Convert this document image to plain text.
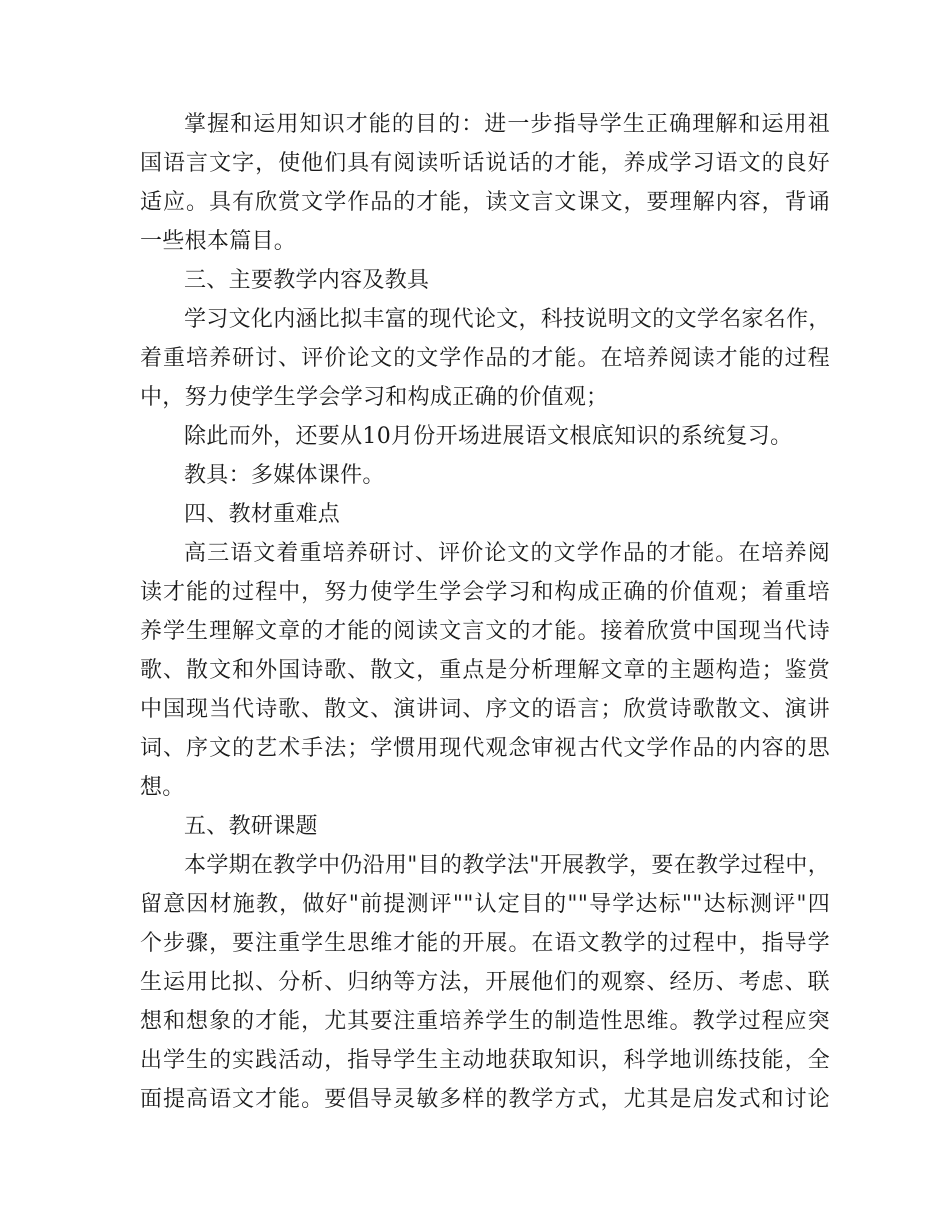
掌握和运用知识才能的目的：进一步指导学生正确理解和运用祖
国语言文字，使他们具有阅读听话说话的才能，养成学习语文的良好
适应。具有欣赏文学作品的才能，读文言文课文，要理解内容，背诵
一些根本篇目。
三、主要教学内容及教具
学习文化内涵比拟丰富的现代论文，科技说明文的文学名家名作，
着重培养研讨、评价论文的文学作品的才能。在培养阅读才能的过程
中，努力使学生学会学习和构成正确的价值观；
除此而外，还要从10月份开场进展语文根底知识的系统复习。
教具：多媒体课件。
四、教材重难点
高三语文着重培养研讨、评价论文的文学作品的才能。在培养阅
读才能的过程中，努力使学生学会学习和构成正确的价值观；着重培
养学生理解文章的才能的阅读文言文的才能。接着欣赏中国现当代诗
歌、散文和外国诗歌、散文，重点是分析理解文章的主题构造；鉴赏
中国现当代诗歌、散文、演讲词、序文的语言；欣赏诗歌散文、演讲
词、序文的艺术手法；学惯用现代观念审视古代文学作品的内容的思
想。
五、教研课题
本学期在教学中仍沿用"目的教学法"开展教学，要在教学过程中，
留意因材施教，做好"前提测评""认定目的""导学达标""达标测评"四
个步骤，要注重学生思维才能的开展。在语文教学的过程中，指导学
生运用比拟、分析、归纳等方法，开展他们的观察、经历、考虑、联
想和想象的才能，尤其要注重培养学生的制造性思维。教学过程应突
出学生的实践活动，指导学生主动地获取知识，科学地训练技能，全
面提高语文才能。要倡导灵敏多样的教学方式，尤其是启发式和讨论
